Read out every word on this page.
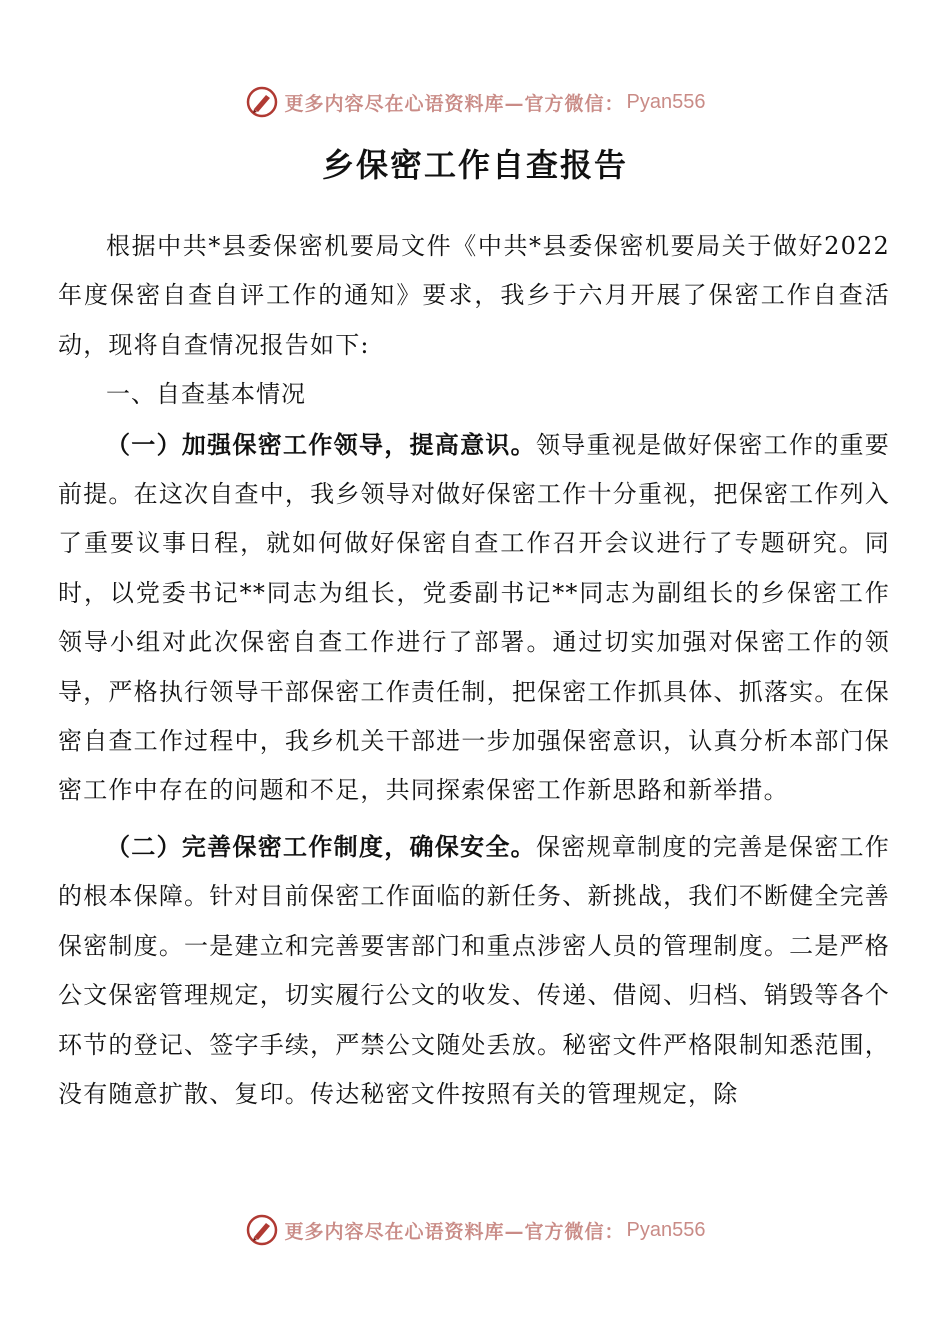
更多内容尽在心语资料库—官方微信： Pyan556
乡保密工作自查报告

根据中共*县委保密机要局文件《中共*县委保密机要局关于做好2022年度保密自查自评工作的通知》要求，我乡于六月开展了保密工作自查活动，现将自查情况报告如下:

一、自查基本情况

（一）加强保密工作领导，提高意识。领导重视是做好保密工作的重要前提。在这次自查中，我乡领导对做好保密工作十分重视，把保密工作列入了重要议事日程，就如何做好保密自查工作召开会议进行了专题研究。同时，以党委书记**同志为组长，党委副书记**同志为副组长的乡保密工作领导小组对此次保密自查工作进行了部署。通过切实加强对保密工作的领导，严格执行领导干部保密工作责任制，把保密工作抓具体、抓落实。在保密自查工作过程中，我乡机关干部进一步加强保密意识，认真分析本部门保密工作中存在的问题和不足，共同探索保密工作新思路和新举措。

（二）完善保密工作制度，确保安全。保密规章制度的完善是保密工作的根本保障。针对目前保密工作面临的新任务、新挑战，我们不断健全完善保密制度。一是建立和完善要害部门和重点涉密人员的管理制度。二是严格公文保密管理规定，切实履行公文的收发、传递、借阅、归档、销毁等各个环节的登记、签字手续，严禁公文随处丢放。秘密文件严格限制知悉范围，没有随意扩散、复印。传达秘密文件按照有关的管理规定，除

更多内容尽在心语资料库—官方微信： Pyan556
